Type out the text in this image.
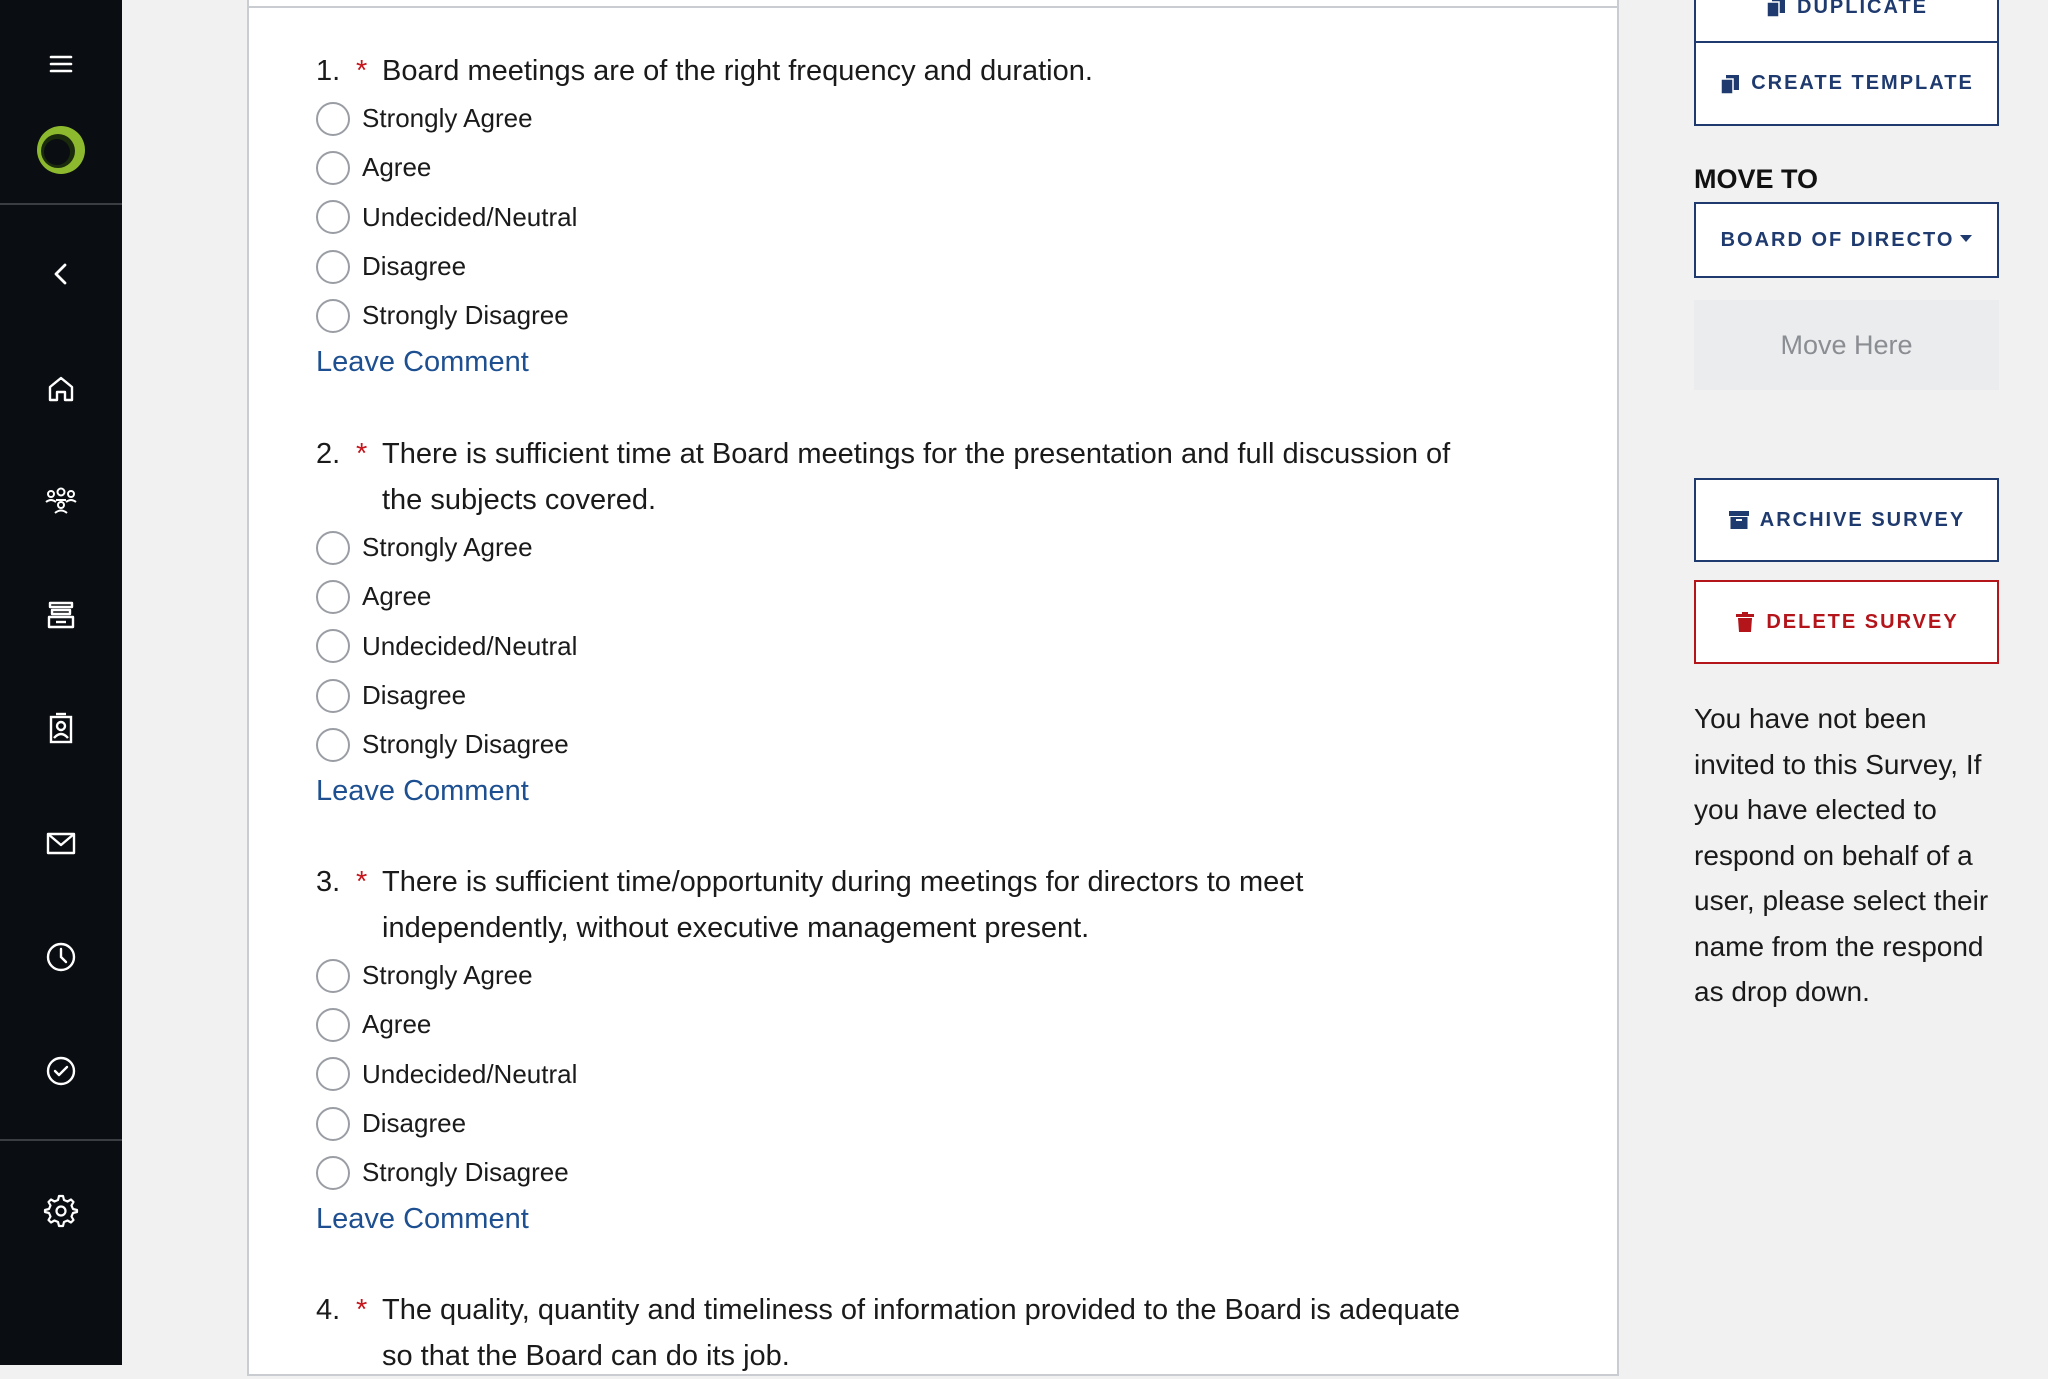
1. * Board meetings are of the right frequency and duration.
Strongly Agree
Agree
Undecided/Neutral
Disagree
Strongly Disagree
Leave Comment
2. * There is sufficient time at Board meetings for the presentation and full discussion of the subjects covered.
Strongly Agree
Agree
Undecided/Neutral
Disagree
Strongly Disagree
Leave Comment
3. * There is sufficient time/opportunity during meetings for directors to meet independently, without executive management present.
Strongly Agree
Agree
Undecided/Neutral
Disagree
Strongly Disagree
Leave Comment
4. * The quality, quantity and timeliness of information provided to the Board is adequate so that the Board can do its job.
DUPLICATE
CREATE TEMPLATE
MOVE TO
BOARD OF DIRECTO
Move Here
ARCHIVE SURVEY
DELETE SURVEY

You have not been invited to this Survey, If you have elected to respond on behalf of a user, please select their name from the respond as drop down.
